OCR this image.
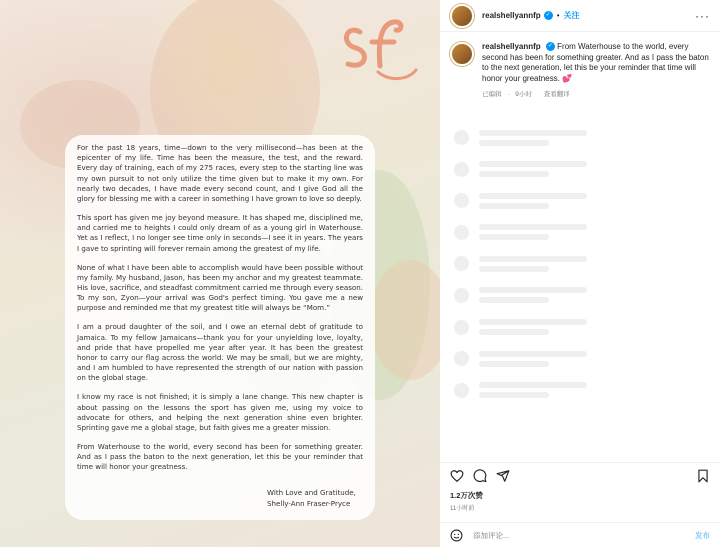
For the past 18 years, time—down to the very millisecond—has been at the epicenter of my life. Time has been the measure, the test, and the reward. Every day of training, each of my 275 races, every step to the starting line was my own pursuit to not only utilize the time given but to make it my own. For nearly two decades, I have made every second count, and I give God all the glory for blessing me with a career in something I have grown to love so deeply.

This sport has given me joy beyond measure. It has shaped me, disciplined me, and carried me to heights I could only dream of as a young girl in Waterhouse. Yet as I reflect, I no longer see time only in seconds—I see it in years. The years I gave to sprinting will forever remain among the greatest of my life.

None of what I have been able to accomplish would have been possible without my family. My husband, Jason, has been my anchor and my greatest teammate. His love, sacrifice, and steadfast commitment carried me through every season. To my son, Zyon—your arrival was God's perfect timing. You gave me a new purpose and reminded me that my greatest title will always be “Mom.”

I am a proud daughter of the soil, and I owe an eternal debt of gratitude to Jamaica. To my fellow Jamaicans—thank you for your unyielding love, loyalty, and pride that have propelled me year after year. It has been the greatest honor to carry our flag across the world. We may be small, but we are mighty, and I am humbled to have represented the strength of our nation with passion on the global stage.

I know my race is not finished; it is simply a lane change. This new chapter is about passing on the lessons the sport has given me, using my voice to advocate for others, and helping the next generation shine even brighter. Sprinting gave me a global stage, but faith gives me a greater mission.

From Waterhouse to the world, every second has been for something greater. And as I pass the baton to the next generation, let this be your reminder that time will honor your greatness.

With Love and Gratitude,
Shelly-Ann Fraser-Pryce
realshellyannfp ✓ • 关注	···
realshellyannfp ✓ From Waterhouse to the world, every second has been for something greater. And as I pass the baton to the next generation, let this be your reminder that time will honor your greatness. 💕
已编辑 · 9小时 查看翻译
1.2万次赞
11小时前
添加评论...	发布
